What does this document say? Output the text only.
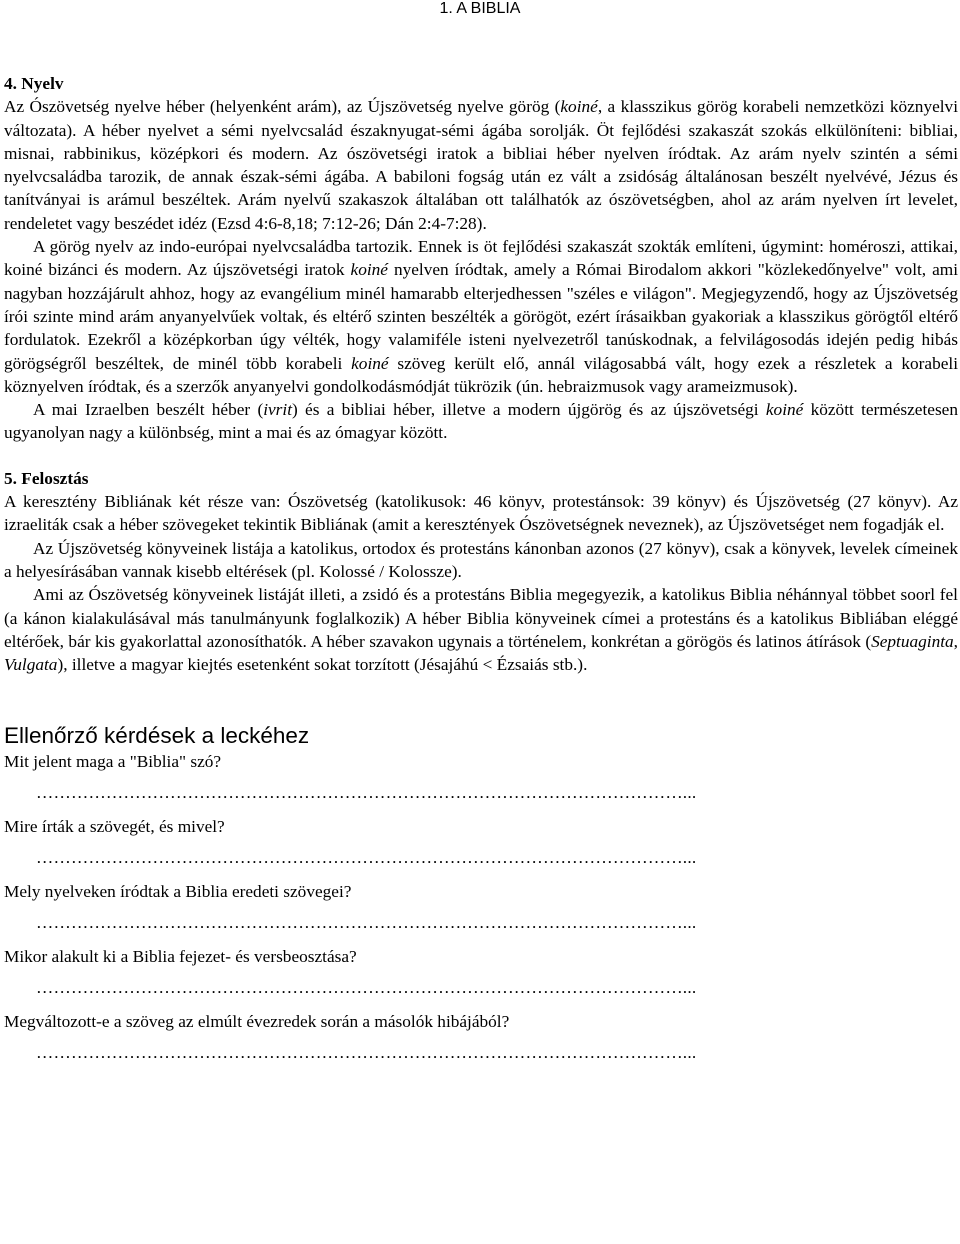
1. A BIBLIA
4. Nyelv

Az Ószövetség nyelve héber (helyenként arám), az Újszövetség nyelve görög (koiné, a klasszikus görög korabeli nemzetközi köznyelvi változata). A héber nyelvet a sémi nyelvcsalád északnyugat-sémi ágába sorolják. Öt fejlődési szakaszát szokás elkülöníteni: bibliai, misnai, rabbinikus, középkori és modern. Az ószövetségi iratok a bibliai héber nyelven íródtak. Az arám nyelv szintén a sémi nyelvcsaládba tarozik, de annak észak-sémi ágába. A babiloni fogság után ez vált a zsidóság általánosan beszélt nyelvévé, Jézus és tanítványai is arámul beszéltek. Arám nyelvű szakaszok általában ott találhatók az ószövetségben, ahol az arám nyelven írt levelet, rendeletet vagy beszédet idéz (Ezsd 4:6-8,18; 7:12-26; Dán 2:4-7:28).

A görög nyelv az indo-európai nyelvcsaládba tartozik. Ennek is öt fejlődési szakaszát szokták említeni, úgymint: homéroszi, attikai, koiné bizánci és modern. Az újszövetségi iratok koiné nyelven íródtak, amely a Római Birodalom akkori "közlekedőnyelve" volt, ami nagyban hozzájárult ahhoz, hogy az evangélium minél hamarabb elterjedhessen "széles e világon". Megjegyzendő, hogy az Újszövetség írói szinte mind arám anyanyelvűek voltak, és eltérő szinten beszélték a görögöt, ezért írásaikban gyakoriak a klasszikus görögtől eltérő fordulatok. Ezekről a középkorban úgy vélték, hogy valamiféle isteni nyelvezetről tanúskodnak, a felvilágosodás idején pedig hibás görögségről beszéltek, de minél több korabeli koiné szöveg került elő, annál világosabbá vált, hogy ezek a részletek a korabeli köznyelven íródtak, és a szerzők anyanyelvi gondolkodásmódját tükrözik (ún. hebraizmusok vagy arameizmusok).

A mai Izraelben beszélt héber (ivrit) és a bibliai héber, illetve a modern újgörög és az újszövetségi koiné között természetesen ugyanolyan nagy a különbség, mint a mai és az ómagyar között.

5. Felosztás

A keresztény Bibliának két része van: Ószövetség (katolikusok: 46 könyv, protestánsok: 39 könyv) és Újszövetség (27 könyv). Az izraeliták csak a héber szövegeket tekintik Bibliának (amit a keresztények Ószövetségnek neveznek), az Újszövetséget nem fogadják el.

Az Újszövetség könyveinek listája a katolikus, ortodox és protestáns kánonban azonos (27 könyv), csak a könyvek, levelek címeinek a helyesírásában vannak kisebb eltérések (pl. Kolossé / Kolossze).

Ami az Ószövetség könyveinek listáját illeti, a zsidó és a protestáns Biblia megegyezik, a katolikus Biblia néhánnyal többet soorl fel (a kánon kialakulásával más tanulmányunk foglalkozik) A héber Biblia könyveinek címei a protestáns és a katolikus Bibliában eléggé eltérőek, bár kis gyakorlattal azonosíthatók. A héber szavakon ugynais a történelem, konkrétan a görögös és latinos átírások (Septuaginta, Vulgata), illetve a magyar kiejtés esetenként sokat torzított (Jésajáhú < Ézsaiás stb.).

Ellenőrző kérdések a leckéhez

Mit jelent maga a "Biblia" szó?

…………………………………………………………………………………………………...

Mire írták a szövegét, és mivel?

…………………………………………………………………………………………………...

Mely nyelveken íródtak a Biblia eredeti szövegei?

…………………………………………………………………………………………………...

Mikor alakult ki a Biblia fejezet- és versbeosztása?

…………………………………………………………………………………………………...

Megváltozott-e a szöveg az elmúlt évezredek során a másolók hibájából?

…………………………………………………………………………………………………...
